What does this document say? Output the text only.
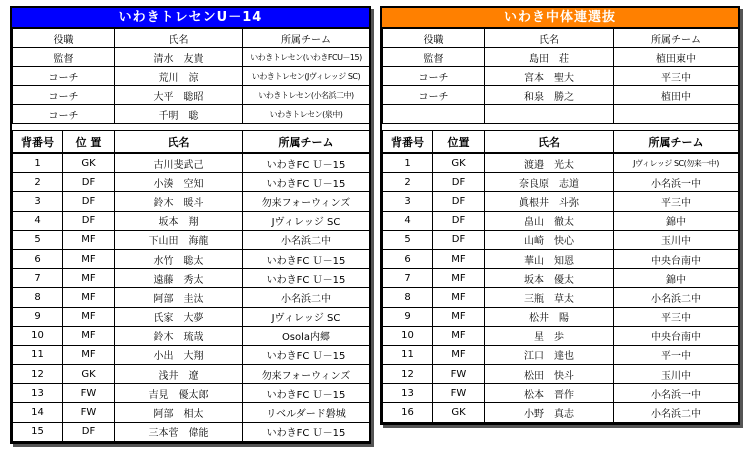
いわきトレセンU－14
役職	氏名	所属チーム
監督	清水　友貴	いわきトレセン(いわきFCU－15)
コーチ	荒川　涼	いわきトレセン(Jヴィレッジ SC)
コーチ	大平　聡昭	いわきトレセン(小名浜二中)
コーチ	千明　聡	いわきトレセン(泉中)
背番号	位 置	氏名	所属チーム
1	GK	古川斐武己	いわきFC Ｕ－15
2	DF	小湊　空知	いわきFC Ｕ－15
3	DF	鈴木　暖斗	勿来フォーウィンズ
4	DF	坂本　翔	Jヴィレッジ SC
5	MF	下山田　海龍	小名浜二中
6	MF	水竹　聡太	いわきFC Ｕ－15
7	MF	遠藤　秀太	いわきFC Ｕ－15
8	MF	阿部　圭汰	小名浜二中
9	MF	氏家　大夢	Jヴィレッジ SC
10	MF	鈴木　琉哉	Osola内郷
11	MF	小出　大翔	いわきFC Ｕ－15
12	GK	浅井　遼	勿来フォーウィンズ
13	FW	吉見　優太郎	いわきFC Ｕ－15
14	FW	阿部　相太	リベルダード磐城
15	DF	三本菅　偉能	いわきFC Ｕ－15
いわき中体連選抜
役職	氏名	所属チーム
監督	島田　荘	植田東中
コーチ	宮本　聖大	平三中
コーチ	和泉　勝之	植田中

背番号	位置	氏名	所属チーム
1	GK	渡邉　光太	Jヴィレッジ SC(勿来一中)
2	DF	奈良原　志道	小名浜一中
3	DF	眞根井　斗弥	平三中
4	DF	畠山　徹太	錦中
5	DF	山崎　快心	玉川中
6	MF	華山　知恩	中央台南中
7	MF	坂本　優太	錦中
8	MF	三瓶　草太	小名浜二中
9	MF	松井　陽	平三中
10	MF	星　歩	中央台南中
11	MF	江口　達也	平一中
12	FW	松田　快斗	玉川中
13	FW	松本　晋作	小名浜一中
16	GK	小野　真志	小名浜二中
